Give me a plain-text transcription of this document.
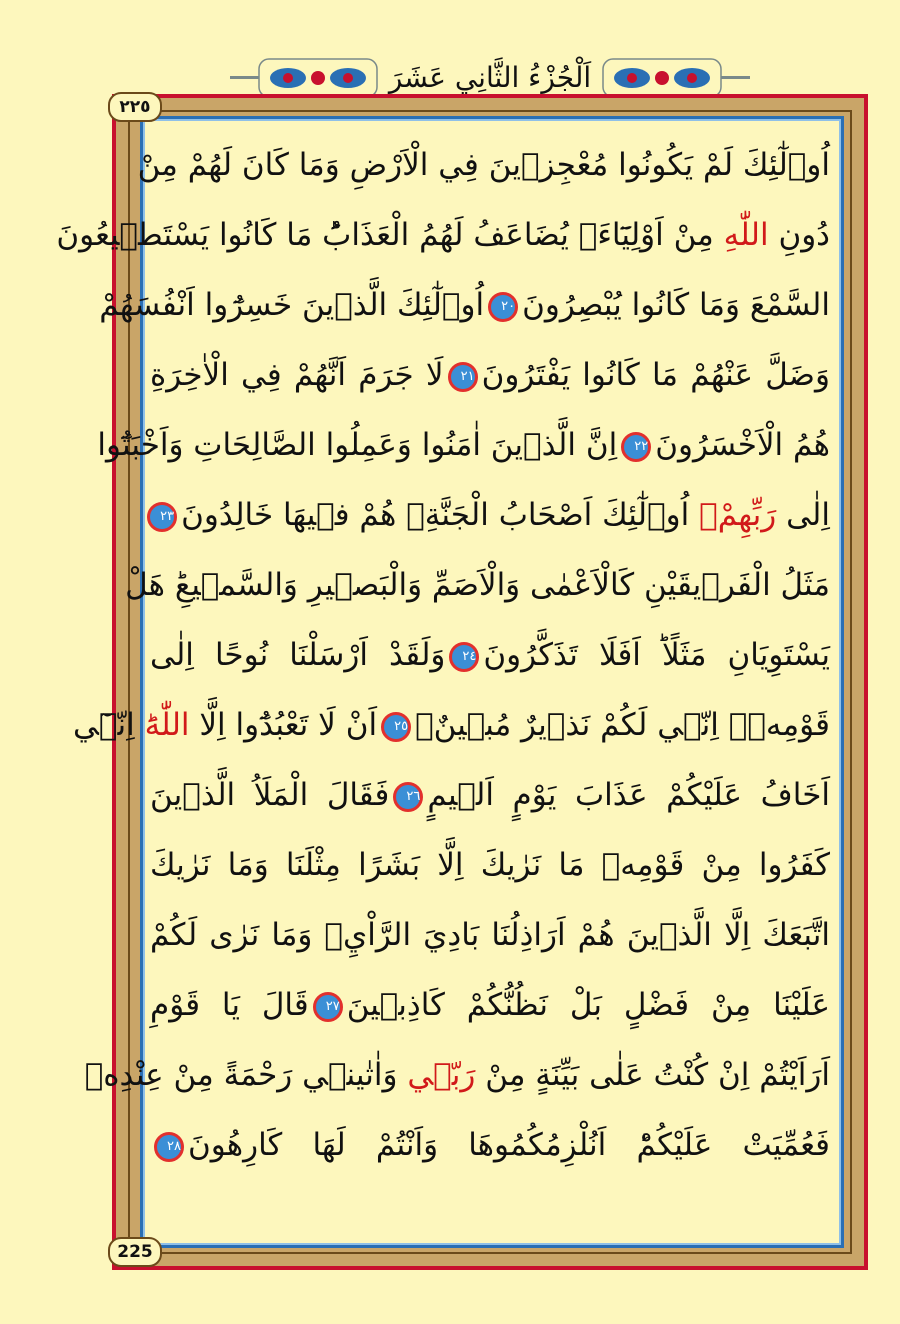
اَلْجُزْءُ الثَّانِي عَشَرَ
٢٢٥
225
اُو۬لٰٓئِكَ لَمْ يَكُونُوا مُعْجِزٖينَ فِي الْاَرْضِ وَمَا كَانَ لَهُمْ مِنْ
دُونِ اللّٰهِ مِنْ اَوْلِيَٓاءَۢ يُضَاعَفُ لَهُمُ الْعَذَابُؕ مَا كَانُوا يَسْتَطٖيعُونَ
السَّمْعَ وَمَا كَانُوا يُبْصِرُونَ٢٠اُو۬لٰٓئِكَ الَّذٖينَ خَسِرُٓوا اَنْفُسَهُمْ
وَضَلَّ عَنْهُمْ مَا كَانُوا يَفْتَرُونَ٢١لَا جَرَمَ اَنَّهُمْ فِي الْاٰخِرَةِ
هُمُ الْاَخْسَرُونَ٢٢اِنَّ الَّذٖينَ اٰمَنُوا وَعَمِلُوا الصَّالِحَاتِ وَاَخْبَتُٓوا
اِلٰى رَبِّهِمْۙ اُو۬لٰٓئِكَ اَصْحَابُ الْجَنَّةِۚ هُمْ فٖيهَا خَالِدُونَ٢٣
مَثَلُ الْفَرٖيقَيْنِ كَالْاَعْمٰى وَالْاَصَمِّ وَالْبَصٖيرِ وَالسَّمٖيعِؕ هَلْ
يَسْتَوِيَانِ مَثَلًاؕ اَفَلَا تَذَكَّرُونَ٢٤وَلَقَدْ اَرْسَلْنَا نُوحًا اِلٰى
قَوْمِهٖۘ اِنّٖي لَكُمْ نَذٖيرٌ مُبٖينٌۙ٢٥اَنْ لَا تَعْبُدُٓوا اِلَّا اللّٰهَؕ اِنّٖٓي
اَخَافُ عَلَيْكُمْ عَذَابَ يَوْمٍ اَلٖيمٍ٢٦فَقَالَ الْمَلَاُ الَّذٖينَ
كَفَرُوا مِنْ قَوْمِهٖ مَا نَرٰيكَ اِلَّا بَشَرًا مِثْلَنَا وَمَا نَرٰيكَ
اتَّبَعَكَ اِلَّا الَّذٖينَ هُمْ اَرَاذِلُنَا بَادِيَ الرَّاْيِۚ وَمَا نَرٰى لَكُمْ
عَلَيْنَا مِنْ فَضْلٍ بَلْ نَظُنُّكُمْ كَاذِبٖينَ٢٧قَالَ يَا قَوْمِ
اَرَاَيْتُمْ اِنْ كُنْتُ عَلٰى بَيِّنَةٍ مِنْ رَبّٖي وَاٰتٰينٖي رَحْمَةً مِنْ عِنْدِهٖ
فَعُمِّيَتْ عَلَيْكُمْؕ اَنُلْزِمُكُمُوهَا وَاَنْتُمْ لَهَا كَارِهُونَ٢٨
